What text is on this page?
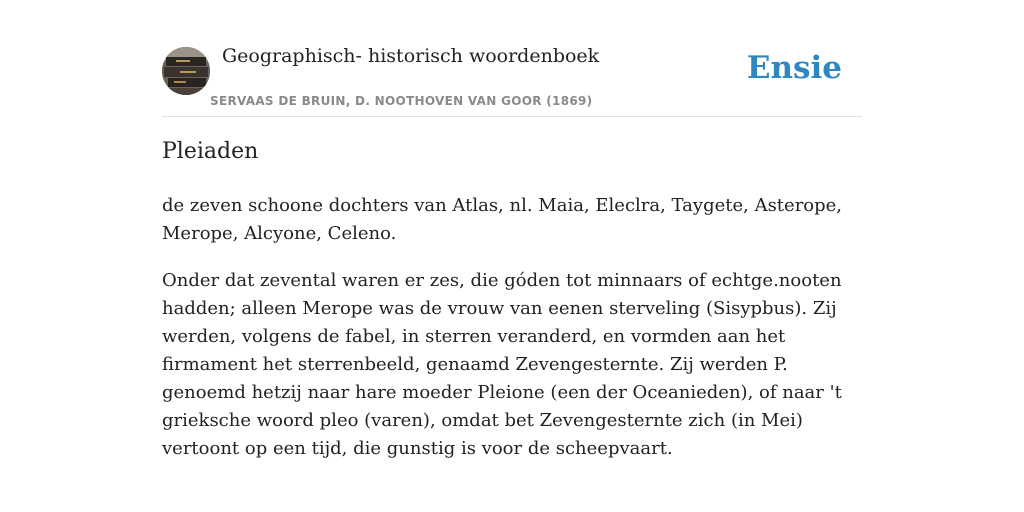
Geographisch- historisch woordenboek
SERVAAS DE BRUIN, D. NOOTHOVEN VAN GOOR (1869)
Ensie
Pleiaden

de zeven schoone dochters van Atlas, nl. Maia, Eleclra, Taygete, Asterope, Merope, Alcyone, Celeno.

Onder dat zevental waren er zes, die góden tot minnaars of echtge.nooten hadden; alleen Merope was de vrouw van eenen sterveling (Sisypbus). Zij werden, volgens de fabel, in sterren veranderd, en vormden aan het firmament het sterrenbeeld, genaamd Zevengesternte. Zij werden P. genoemd hetzij naar hare moeder Pleione (een der Oceanieden), of naar 't grieksche woord pleo (varen), omdat bet Zevengesternte zich (in Mei) vertoont op een tijd, die gunstig is voor de scheepvaart.
